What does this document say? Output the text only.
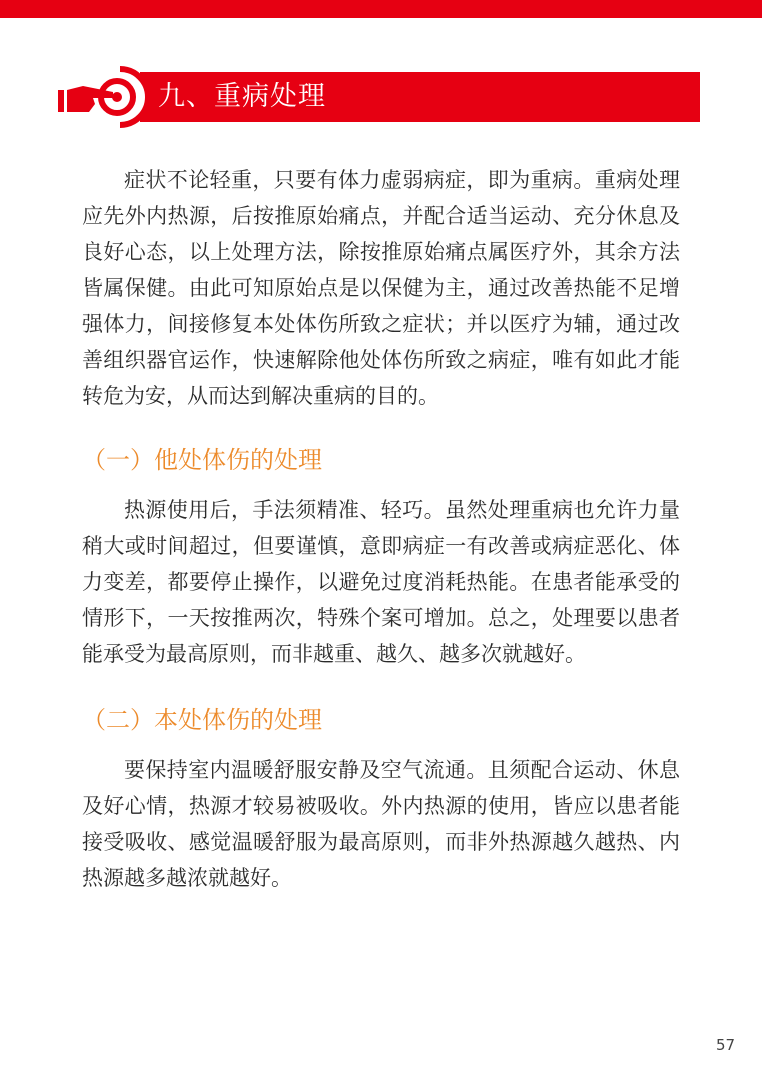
九、重病处理
症状不论轻重，只要有体力虚弱病症，即为重病。重病处理
应先外内热源，后按推原始痛点，并配合适当运动、充分休息及
良好心态，以上处理方法，除按推原始痛点属医疗外，其余方法
皆属保健。由此可知原始点是以保健为主，通过改善热能不足增
强体力，间接修复本处体伤所致之症状；并以医疗为辅，通过改
善组织器官运作，快速解除他处体伤所致之病症，唯有如此才能
转危为安，从而达到解决重病的目的。
（一）他处体伤的处理
热源使用后，手法须精准、轻巧。虽然处理重病也允许力量
稍大或时间超过，但要谨慎，意即病症一有改善或病症恶化、体
力变差，都要停止操作，以避免过度消耗热能。在患者能承受的
情形下，一天按推两次，特殊个案可增加。总之，处理要以患者
能承受为最高原则，而非越重、越久、越多次就越好。
（二）本处体伤的处理
要保持室内温暖舒服安静及空气流通。且须配合运动、休息
及好心情，热源才较易被吸收。外内热源的使用，皆应以患者能
接受吸收、感觉温暖舒服为最高原则，而非外热源越久越热、内
热源越多越浓就越好。
57
